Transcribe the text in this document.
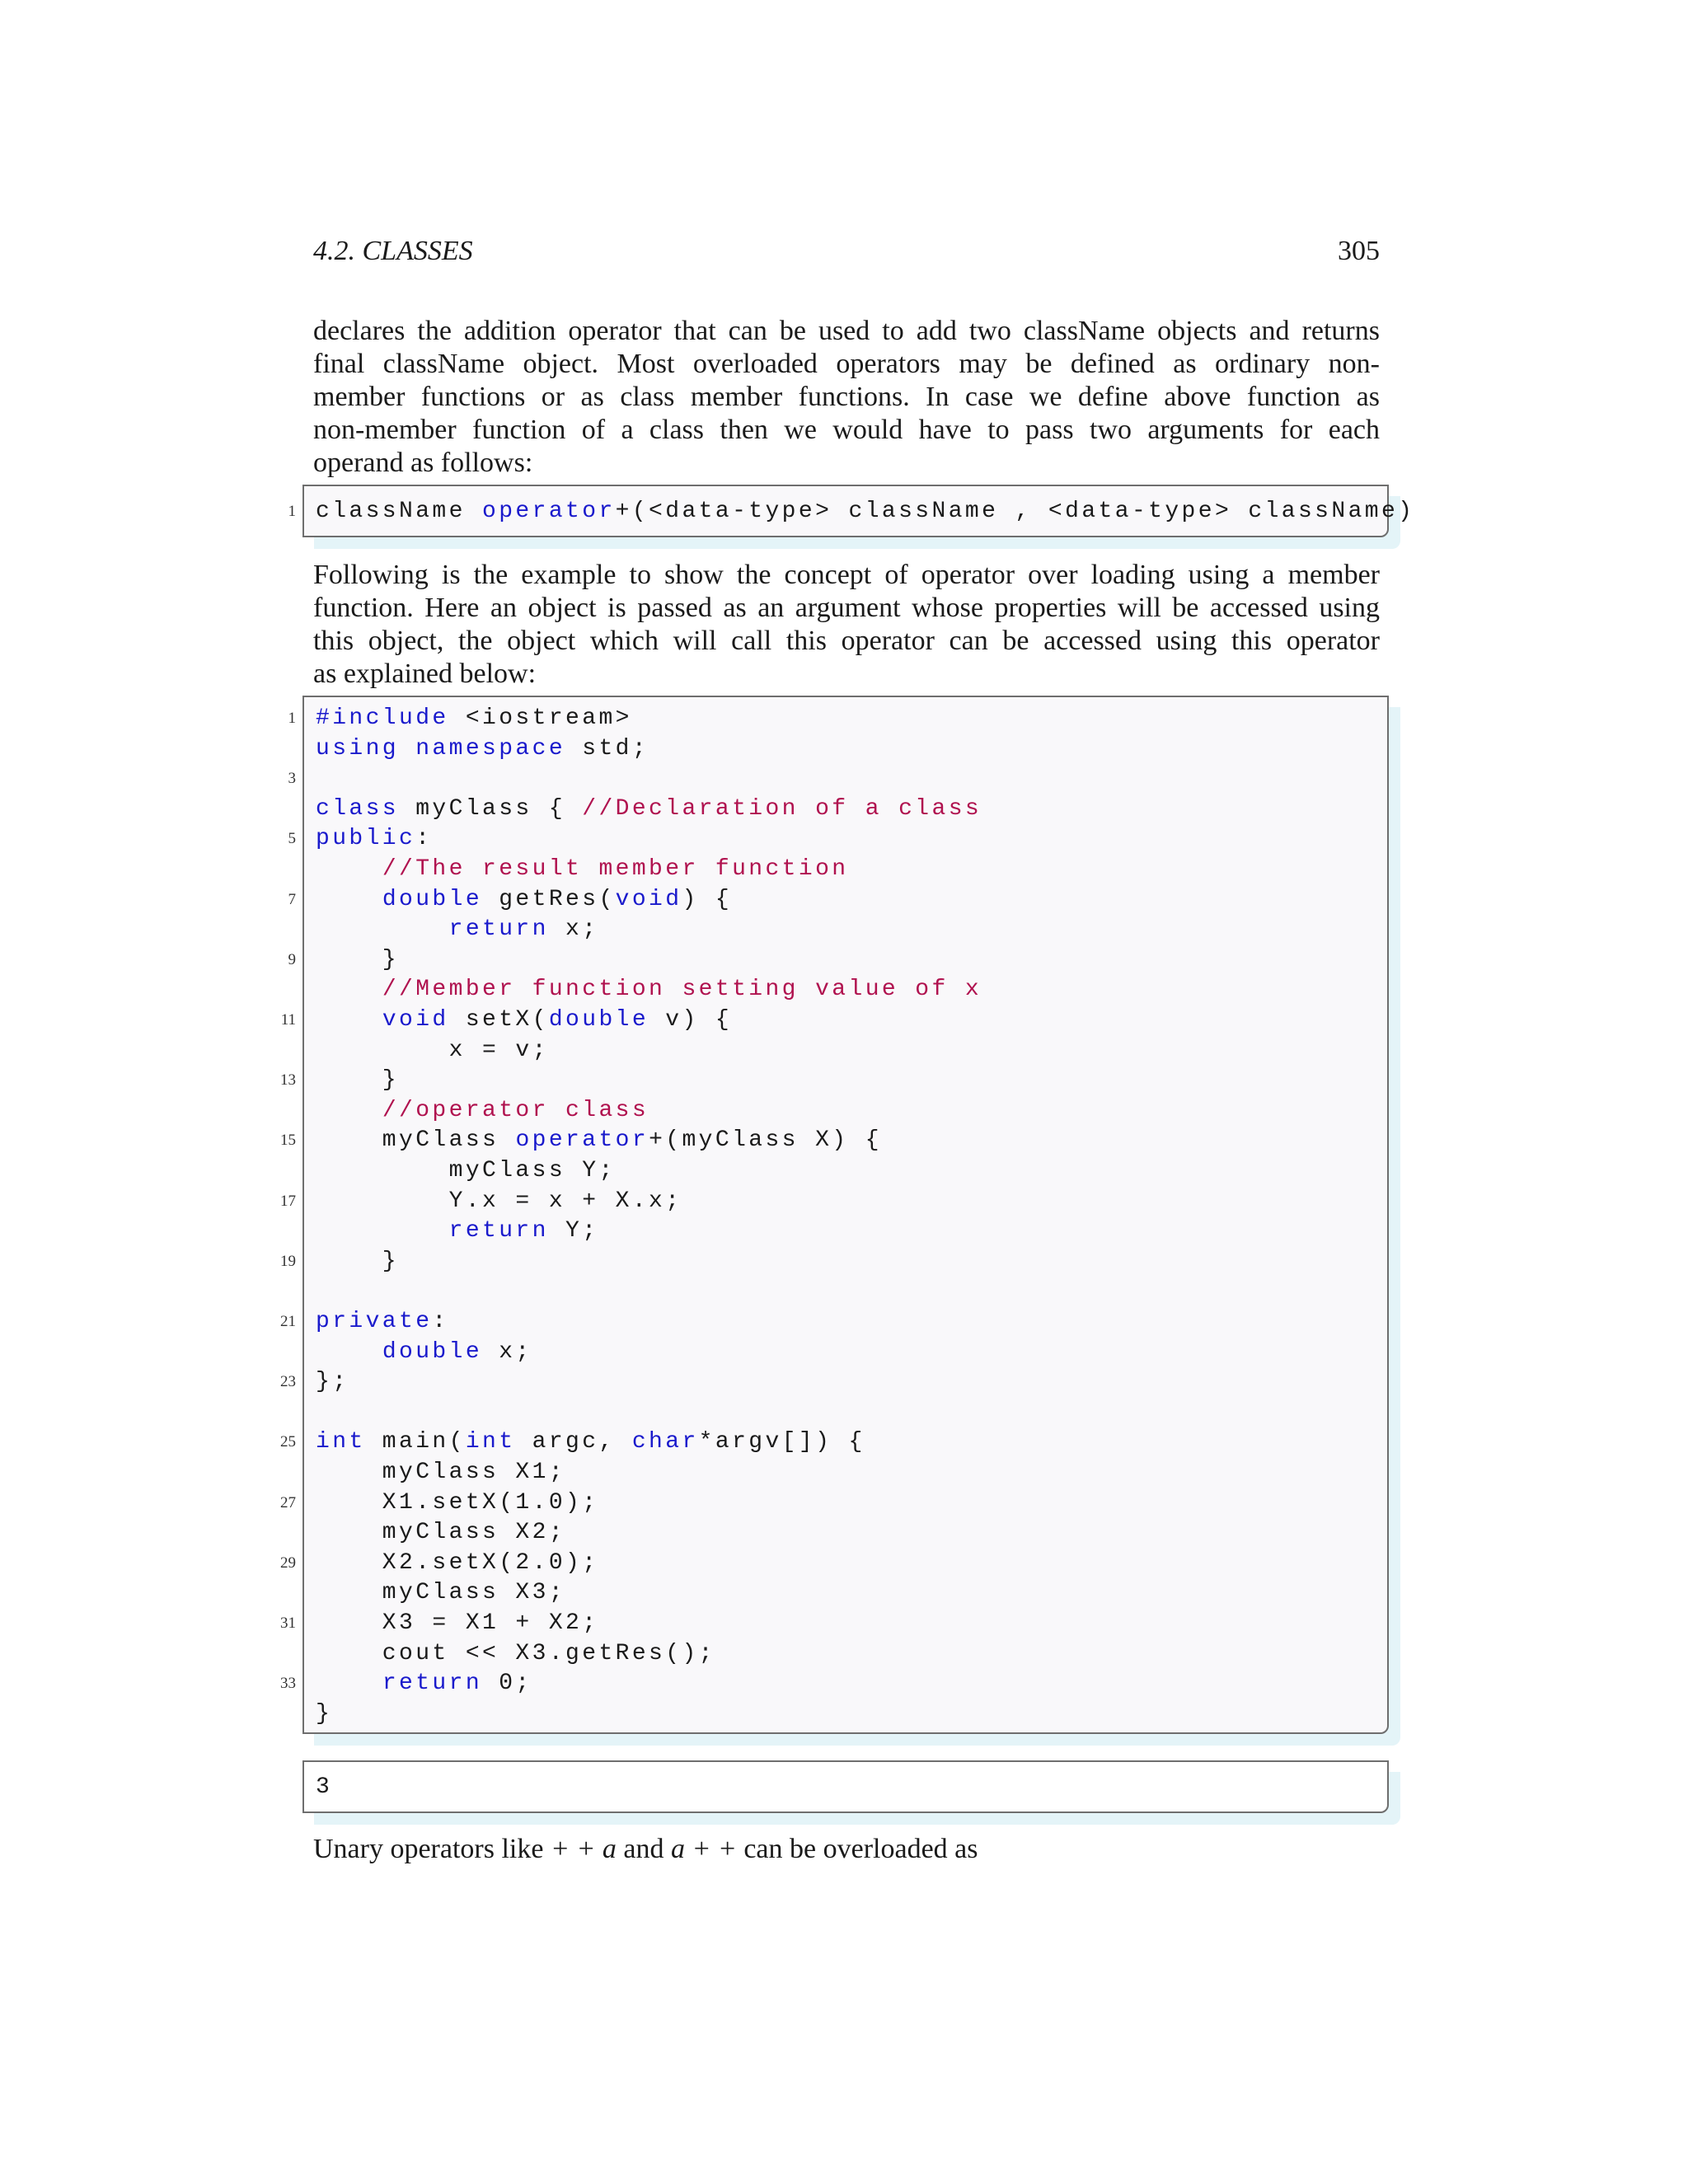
4.2. CLASSES	305
declares the addition operator that can be used to add two className objects and returns
final className object. Most overloaded operators may be defined as ordinary non-
member functions or as class member functions. In case we define above function as
non-member function of a class then we would have to pass two arguments for each
operand as follows:
className operator+(<data-type> className , <data-type> className)
1
Following is the example to show the concept of operator over loading using a member
function. Here an object is passed as an argument whose properties will be accessed using
this object, the object which will call this operator can be accessed using this operator
as explained below:
#include <iostream>
using namespace std;
class myClass { //Declaration of a class
public:
//The result member function
double getRes(void) {
return x;
}
//Member function setting value of x
void setX(double v) {
x = v;
}
//operator class
myClass operator+(myClass X) {
myClass Y;
Y.x = x + X.x;
return Y;
}
private:
double x;
};
int main(int argc, char*argv[]) {
myClass X1;
X1.setX(1.0);
myClass X2;
X2.setX(2.0);
myClass X3;
X3 = X1 + X2;
cout << X3.getRes();
return 0;
}
1
3
5
7
9
11
13
15
17
19
21
23
25
27
29
31
33
3
Unary operators like + + a and a + + can be overloaded as
